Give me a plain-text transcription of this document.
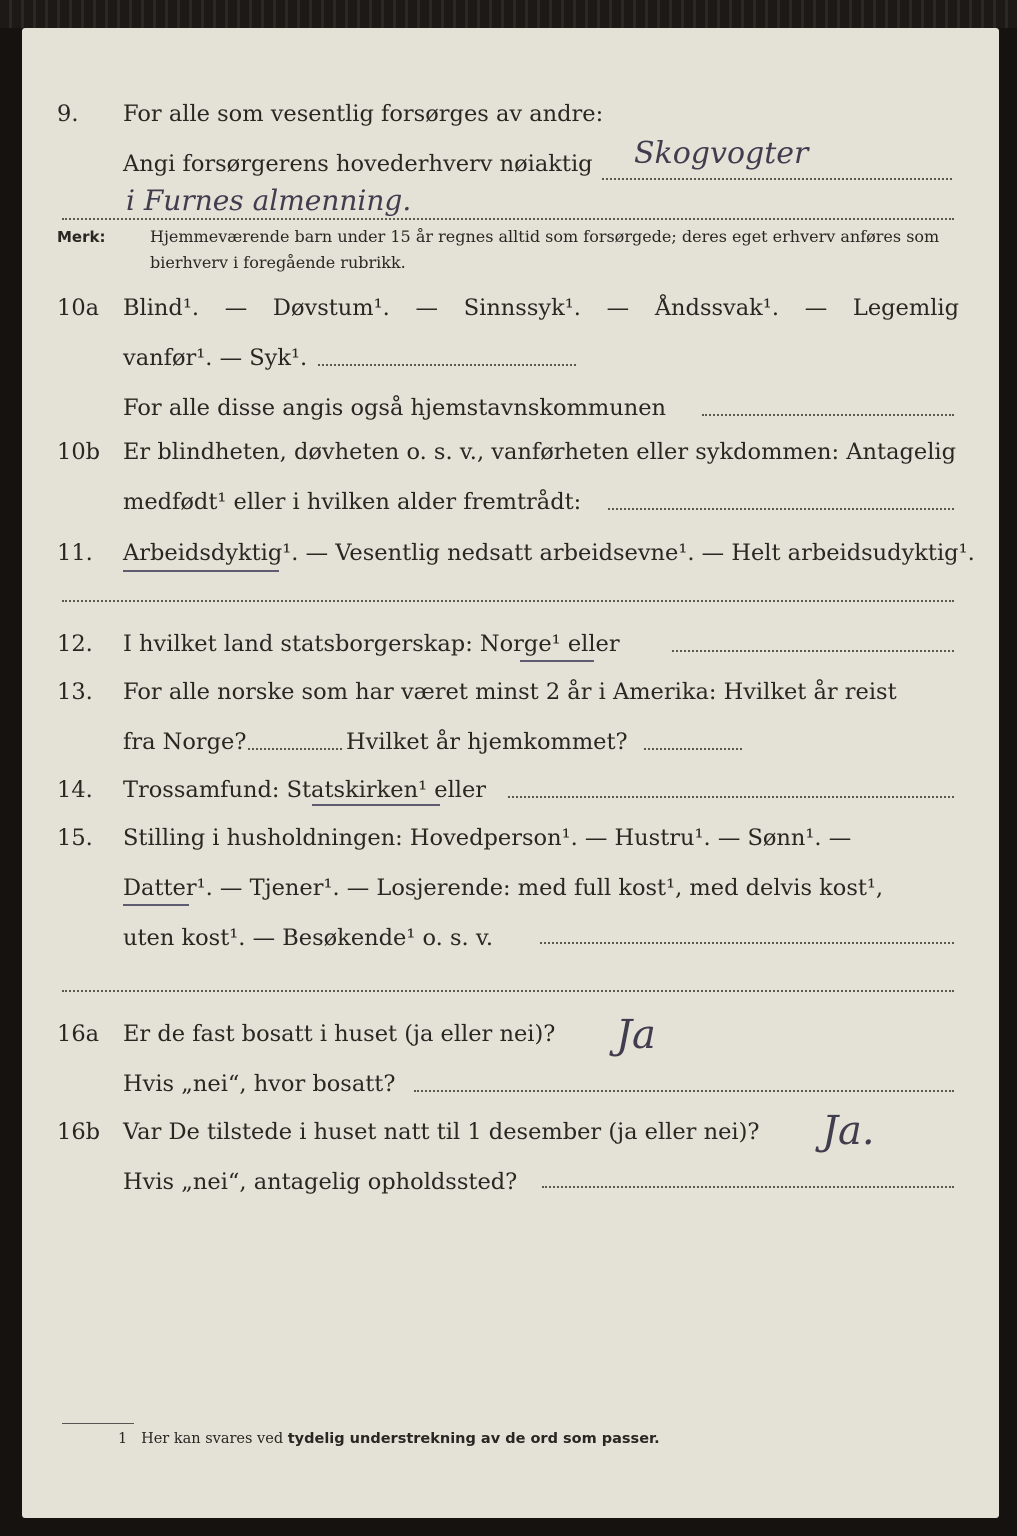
9. For alle som vesentlig forsørges av andre:
Skogvogter
Angi forsørgerens hovederhverv nøiaktig
i Furnes almenning.
Merk:	Hjemmeværende barn under 15 år regnes alltid som forsørgede; deres eget erhverv anføres som bierhverv i foregående rubrikk.
10a Blind¹. — Døvstum¹. — Sinnssyk¹. — Åndssvak¹. — Legemlig
vanfør¹. — Syk¹.
For alle disse angis også hjemstavnskommunen
10b Er blindheten, døvheten o. s. v., vanførheten eller sykdommen: Antagelig
medfødt¹ eller i hvilken alder fremtrådt:
11. Arbeidsdyktig¹. — Vesentlig nedsatt arbeidsevne¹. — Helt arbeidsudyktig¹.
12. I hvilket land statsborgerskap: Norge¹ eller
13. For alle norske som har været minst 2 år i Amerika: Hvilket år reist
fra Norge?	Hvilket år hjemkommet?
14. Trossamfund: Statskirken¹ eller
15. Stilling i husholdningen: Hovedperson¹. — Hustru¹. — Sønn¹. —
Datter¹. — Tjener¹. — Losjerende: med full kost¹, med delvis kost¹,
uten kost¹. — Besøkende¹ o. s. v.
16a Er de fast bosatt i huset (ja eller nei)? Ja
Hvis „nei“, hvor bosatt?
16b Var De tilstede i huset natt til 1 desember (ja eller nei)? Ja.
Hvis „nei“, antagelig opholdssted?
1 Her kan svares ved tydelig understrekning av de ord som passer.
